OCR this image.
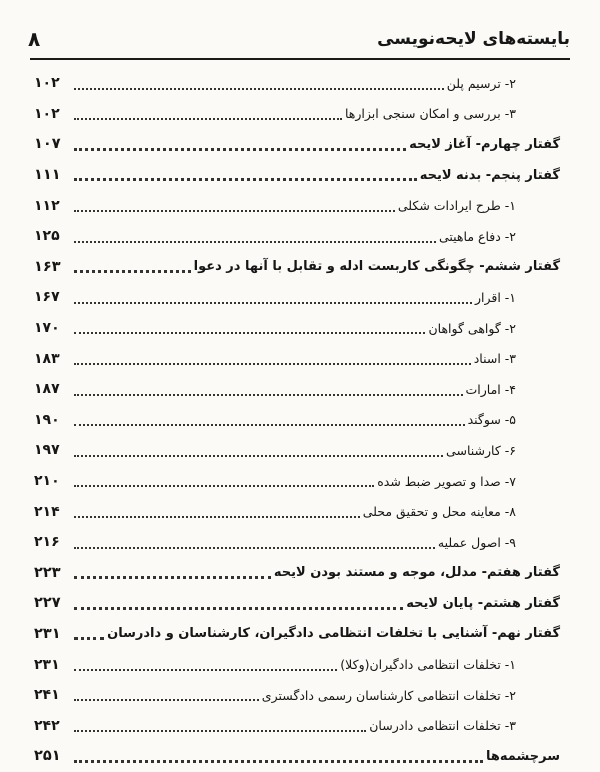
بایسته‌های لایحه‌نویسی
۸
۲- ترسیم پلن
۱۰۲
۳- بررسی و امکان سنجی ابزارها
۱۰۲
گفتار چهارم- آغاز لایحه
۱۰۷
گفتار پنجم- بدنه لایحه
۱۱۱
۱- طرح ایرادات شکلی
۱۱۲
۲- دفاع ماهیتی
۱۲۵
گفتار ششم- چگونگی کاربست ادله و تقابل با آنها در دعوا
۱۶۳
۱- اقرار
۱۶۷
۲- گواهی گواهان
۱۷۰
۳- اسناد
۱۸۳
۴- امارات
۱۸۷
۵- سوگند
۱۹۰
۶- کارشناسی
۱۹۷
۷- صدا و تصویر ضبط شده
۲۱۰
۸- معاینه محل و تحقیق محلی
۲۱۴
۹- اصول عملیه
۲۱۶
گفتار هفتم- مدلل، موجه و مستند بودن لایحه
۲۲۳
گفتار هشتم- پایان لایحه
۲۲۷
گفتار نهم- آشنایی با تخلفات انتظامی دادگیران، کارشناسان و دادرسان
۲۳۱
۱- تخلفات انتظامی دادگیران(وکلا)
۲۳۱
۲- تخلفات انتظامی کارشناسان رسمی دادگستری
۲۴۱
۳- تخلفات انتظامی دادرسان
۲۴۲
سرچشمه‌ها
۲۵۱
